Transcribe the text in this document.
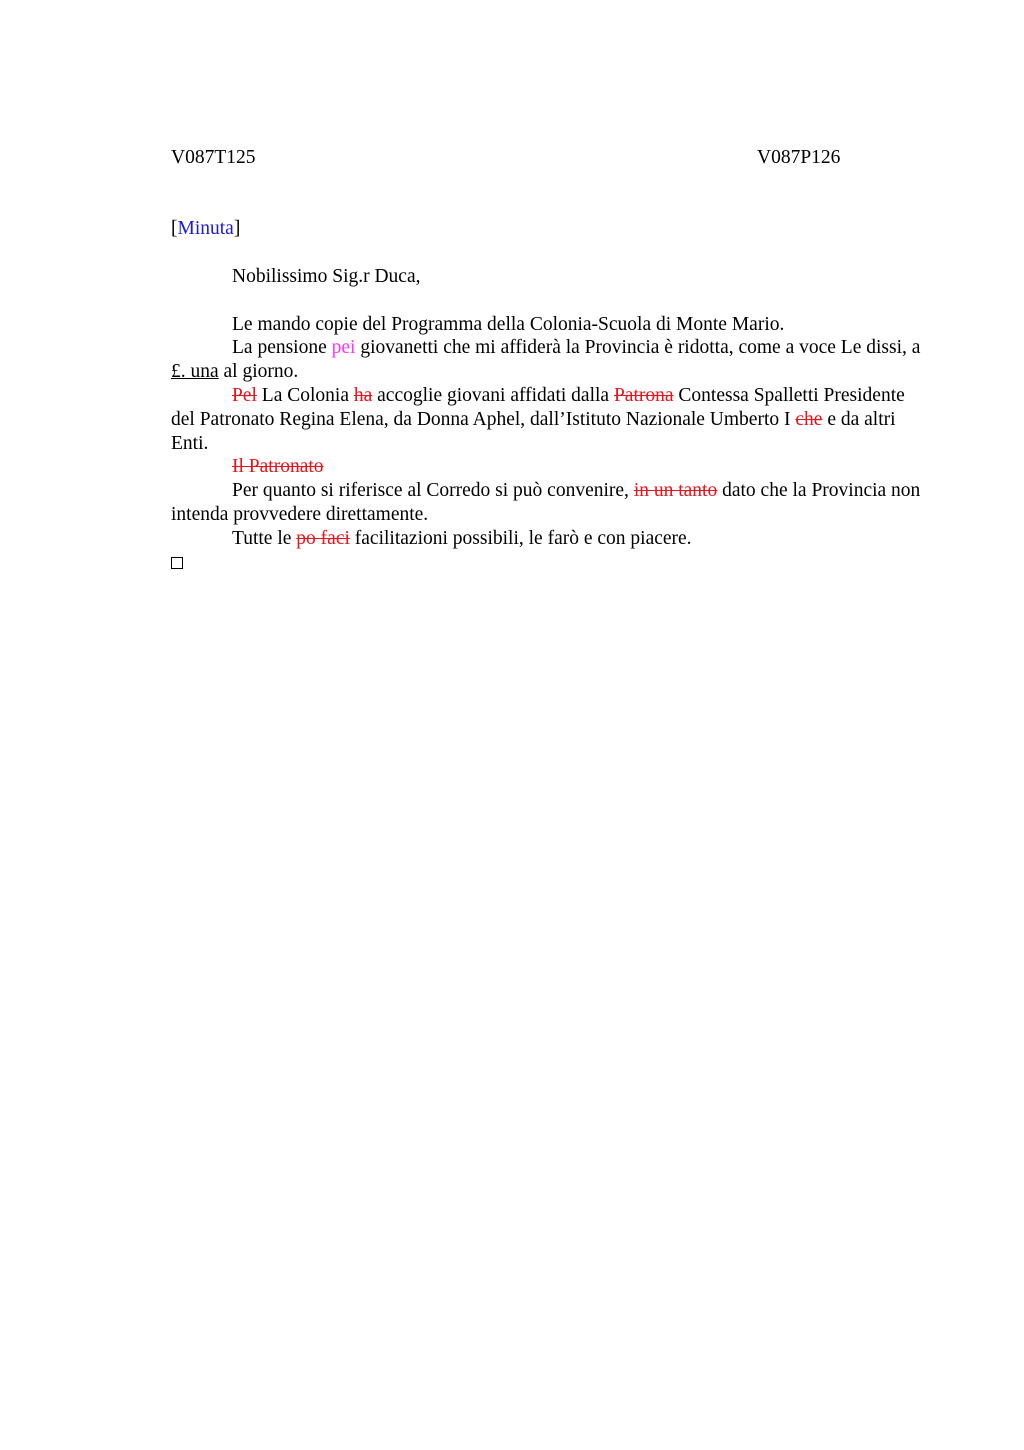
V087T125	V087P126
[Minuta]

Nobilissimo Sig.r Duca,

Le mando copie del Programma della Colonia-Scuola di Monte Mario.

La pensione pei giovanetti che mi affiderà la Provincia è ridotta, come a voce Le dissi, a £. una al giorno.

Pel La Colonia ha accoglie giovani affidati dalla Patrona Contessa Spalletti Presidente del Patronato Regina Elena, da Donna Aphel, dall’Istituto Nazionale Umberto I che e da altri Enti.

Il Patronato

Per quanto si riferisce al Corredo si può convenire, in un tanto dato che la Provincia non intenda provvedere direttamente.

Tutte le po faci facilitazioni possibili, le farò e con piacere.
